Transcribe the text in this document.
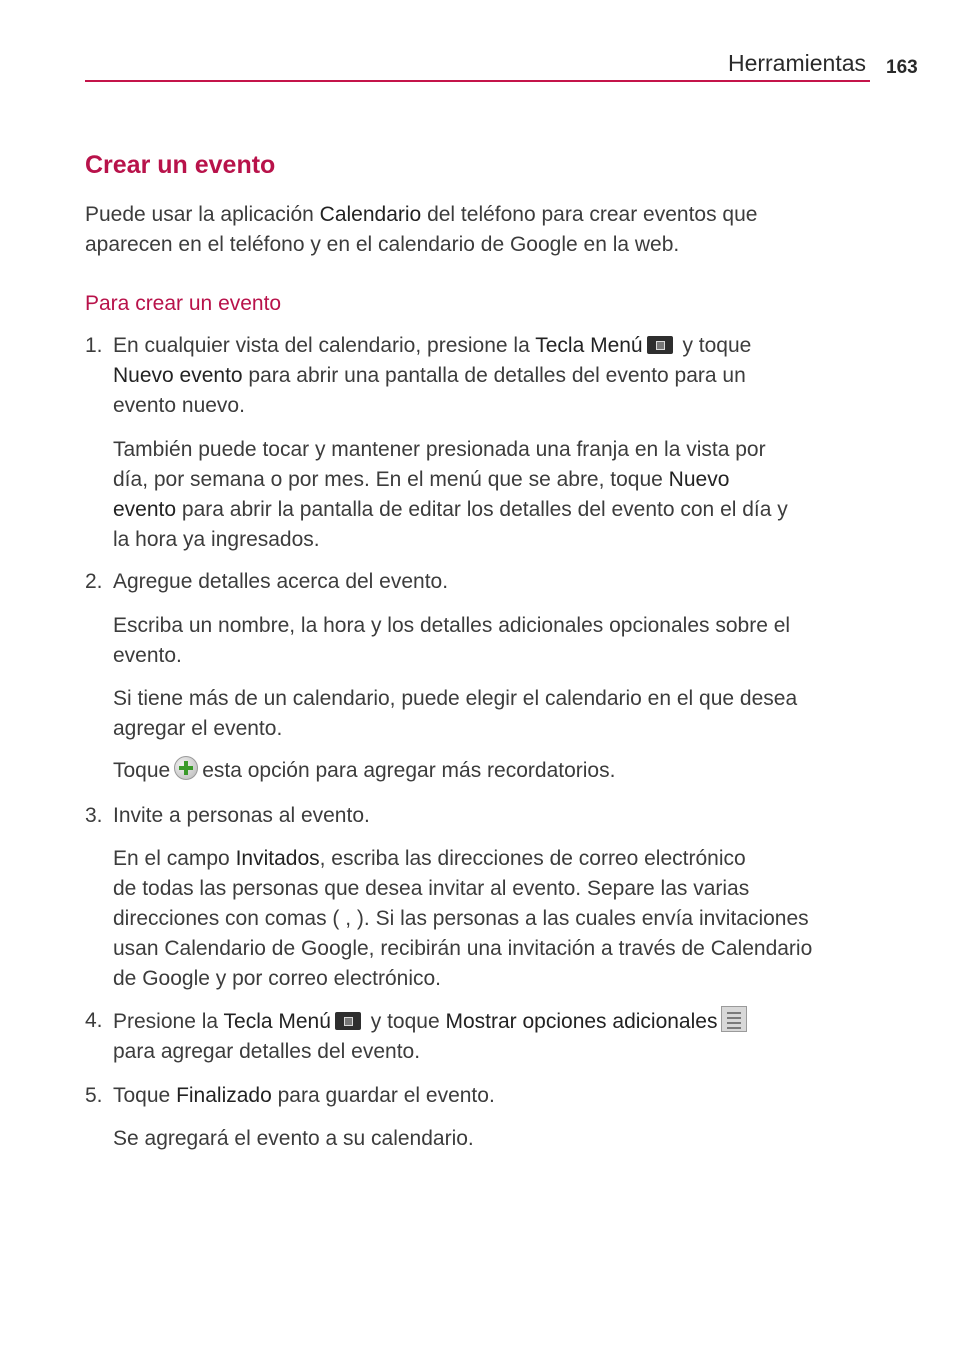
Herramientas 163
Crear un evento
Puede usar la aplicación Calendario del teléfono para crear eventos que
aparecen en el teléfono y en el calendario de Google en la web.
Para crear un evento
1. En cualquier vista del calendario, presione la Tecla Menú y toque
Nuevo evento para abrir una pantalla de detalles del evento para un
evento nuevo.
También puede tocar y mantener presionada una franja en la vista por
día, por semana o por mes. En el menú que se abre, toque Nuevo
evento para abrir la pantalla de editar los detalles del evento con el día y
la hora ya ingresados.
2. Agregue detalles acerca del evento.
Escriba un nombre, la hora y los detalles adicionales opcionales sobre el
evento.
Si tiene más de un calendario, puede elegir el calendario en el que desea
agregar el evento.
Toque esta opción para agregar más recordatorios.
3. Invite a personas al evento.
En el campo Invitados, escriba las direcciones de correo electrónico
de todas las personas que desea invitar al evento. Separe las varias
direcciones con comas ( , ). Si las personas a las cuales envía invitaciones
usan Calendario de Google, recibirán una invitación a través de Calendario
de Google y por correo electrónico.
4. Presione la Tecla Menú y toque Mostrar opciones adicionales
para agregar detalles del evento.
5. Toque Finalizado para guardar el evento.
Se agregará el evento a su calendario.
